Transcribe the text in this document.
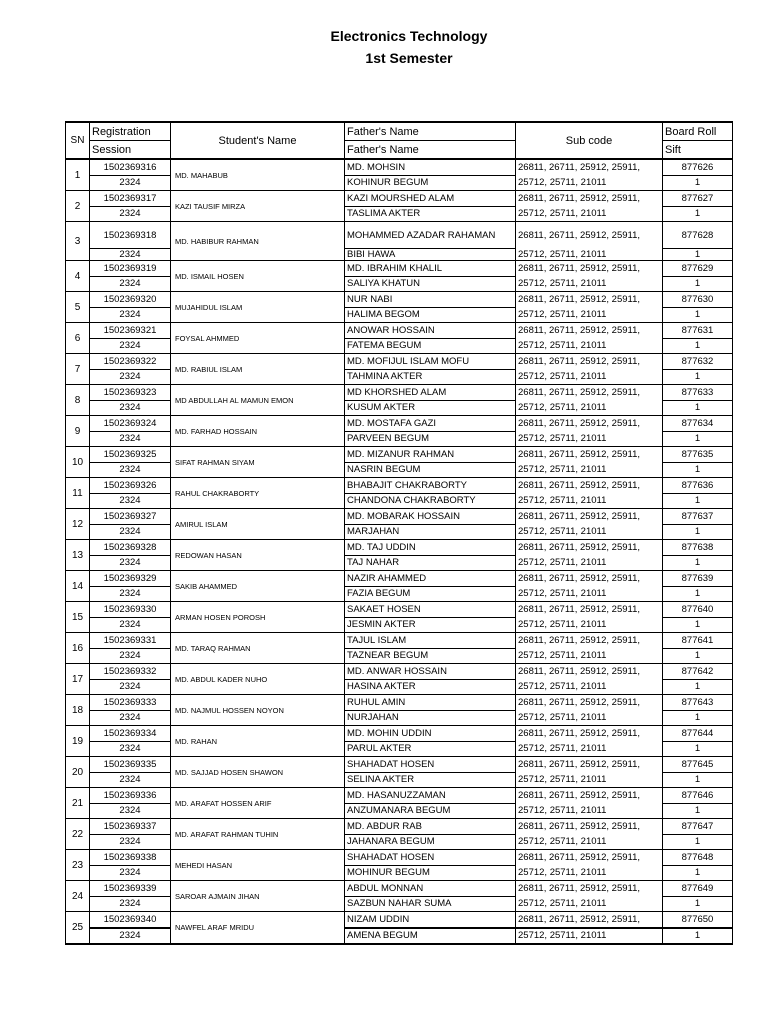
Electronics Technology
1st Semester
SN	Registration	Student's Name	Father's Name	Sub code	Board Roll
	Session		Father's Name		Sift
1	1502369316	MD. MAHABUB	MD. MOHSIN	26811, 26711, 25912, 25911,	877626
	2324		KOHINUR BEGUM	25712, 25711, 21011	1
2	1502369317	KAZI TAUSIF MIRZA	KAZI MOURSHED ALAM	26811, 26711, 25912, 25911,	877627
	2324		TASLIMA AKTER	25712, 25711, 21011	1
3	1502369318	MD. HABIBUR RAHMAN	MOHAMMED AZADAR RAHAMAN	26811, 26711, 25912, 25911,	877628
	2324		BIBI HAWA	25712, 25711, 21011	1
4	1502369319	MD. ISMAIL HOSEN	MD. IBRAHIM KHALIL	26811, 26711, 25912, 25911,	877629
	2324		SALIYA KHATUN	25712, 25711, 21011	1
5	1502369320	MUJAHIDUL ISLAM	NUR NABI	26811, 26711, 25912, 25911,	877630
	2324		HALIMA BEGOM	25712, 25711, 21011	1
6	1502369321	FOYSAL AHMMED	ANOWAR HOSSAIN	26811, 26711, 25912, 25911,	877631
	2324		FATEMA BEGUM	25712, 25711, 21011	1
7	1502369322	MD. RABIUL ISLAM	MD. MOFIJUL ISLAM MOFU	26811, 26711, 25912, 25911,	877632
	2324		TAHMINA AKTER	25712, 25711, 21011	1
8	1502369323	MD ABDULLAH AL MAMUN EMON	MD KHORSHED ALAM	26811, 26711, 25912, 25911,	877633
	2324		KUSUM AKTER	25712, 25711, 21011	1
9	1502369324	MD. FARHAD HOSSAIN	MD. MOSTAFA GAZI	26811, 26711, 25912, 25911,	877634
	2324		PARVEEN BEGUM	25712, 25711, 21011	1
10	1502369325	SIFAT RAHMAN SIYAM	MD. MIZANUR RAHMAN	26811, 26711, 25912, 25911,	877635
	2324		NASRIN BEGUM	25712, 25711, 21011	1
11	1502369326	RAHUL CHAKRABORTY	BHABAJIT CHAKRABORTY	26811, 26711, 25912, 25911,	877636
	2324		CHANDONA CHAKRABORTY	25712, 25711, 21011	1
12	1502369327	AMIRUL ISLAM	MD. MOBARAK HOSSAIN	26811, 26711, 25912, 25911,	877637
	2324		MARJAHAN	25712, 25711, 21011	1
13	1502369328	REDOWAN HASAN	MD. TAJ UDDIN	26811, 26711, 25912, 25911,	877638
	2324		TAJ NAHAR	25712, 25711, 21011	1
14	1502369329	SAKIB AHAMMED	NAZIR AHAMMED	26811, 26711, 25912, 25911,	877639
	2324		FAZIA BEGUM	25712, 25711, 21011	1
15	1502369330	ARMAN HOSEN POROSH	SAKAET HOSEN	26811, 26711, 25912, 25911,	877640
	2324		JESMIN AKTER	25712, 25711, 21011	1
16	1502369331	MD. TARAQ RAHMAN	TAJUL ISLAM	26811, 26711, 25912, 25911,	877641
	2324		TAZNEAR BEGUM	25712, 25711, 21011	1
17	1502369332	MD. ABDUL KADER NUHO	MD. ANWAR HOSSAIN	26811, 26711, 25912, 25911,	877642
	2324		HASINA AKTER	25712, 25711, 21011	1
18	1502369333	MD. NAJMUL HOSSEN NOYON	RUHUL AMIN	26811, 26711, 25912, 25911,	877643
	2324		NURJAHAN	25712, 25711, 21011	1
19	1502369334	MD. RAHAN	MD. MOHIN UDDIN	26811, 26711, 25912, 25911,	877644
	2324		PARUL AKTER	25712, 25711, 21011	1
20	1502369335	MD. SAJJAD HOSEN SHAWON	SHAHADAT HOSEN	26811, 26711, 25912, 25911,	877645
	2324		SELINA AKTER	25712, 25711, 21011	1
21	1502369336	MD. ARAFAT HOSSEN ARIF	MD. HASANUZZAMAN	26811, 26711, 25912, 25911,	877646
	2324		ANZUMANARA BEGUM	25712, 25711, 21011	1
22	1502369337	MD. ARAFAT RAHMAN TUHIN	MD. ABDUR RAB	26811, 26711, 25912, 25911,	877647
	2324		JAHANARA BEGUM	25712, 25711, 21011	1
23	1502369338	MEHEDI HASAN	SHAHADAT HOSEN	26811, 26711, 25912, 25911,	877648
	2324		MOHINUR BEGUM	25712, 25711, 21011	1
24	1502369339	SAROAR AJMAIN JIHAN	ABDUL MONNAN	26811, 26711, 25912, 25911,	877649
	2324		SAZBUN NAHAR SUMA	25712, 25711, 21011	1
25	1502369340	NAWFEL ARAF MRIDU	NIZAM UDDIN	26811, 26711, 25912, 25911,	877650
	2324		AMENA BEGUM	25712, 25711, 21011	1
